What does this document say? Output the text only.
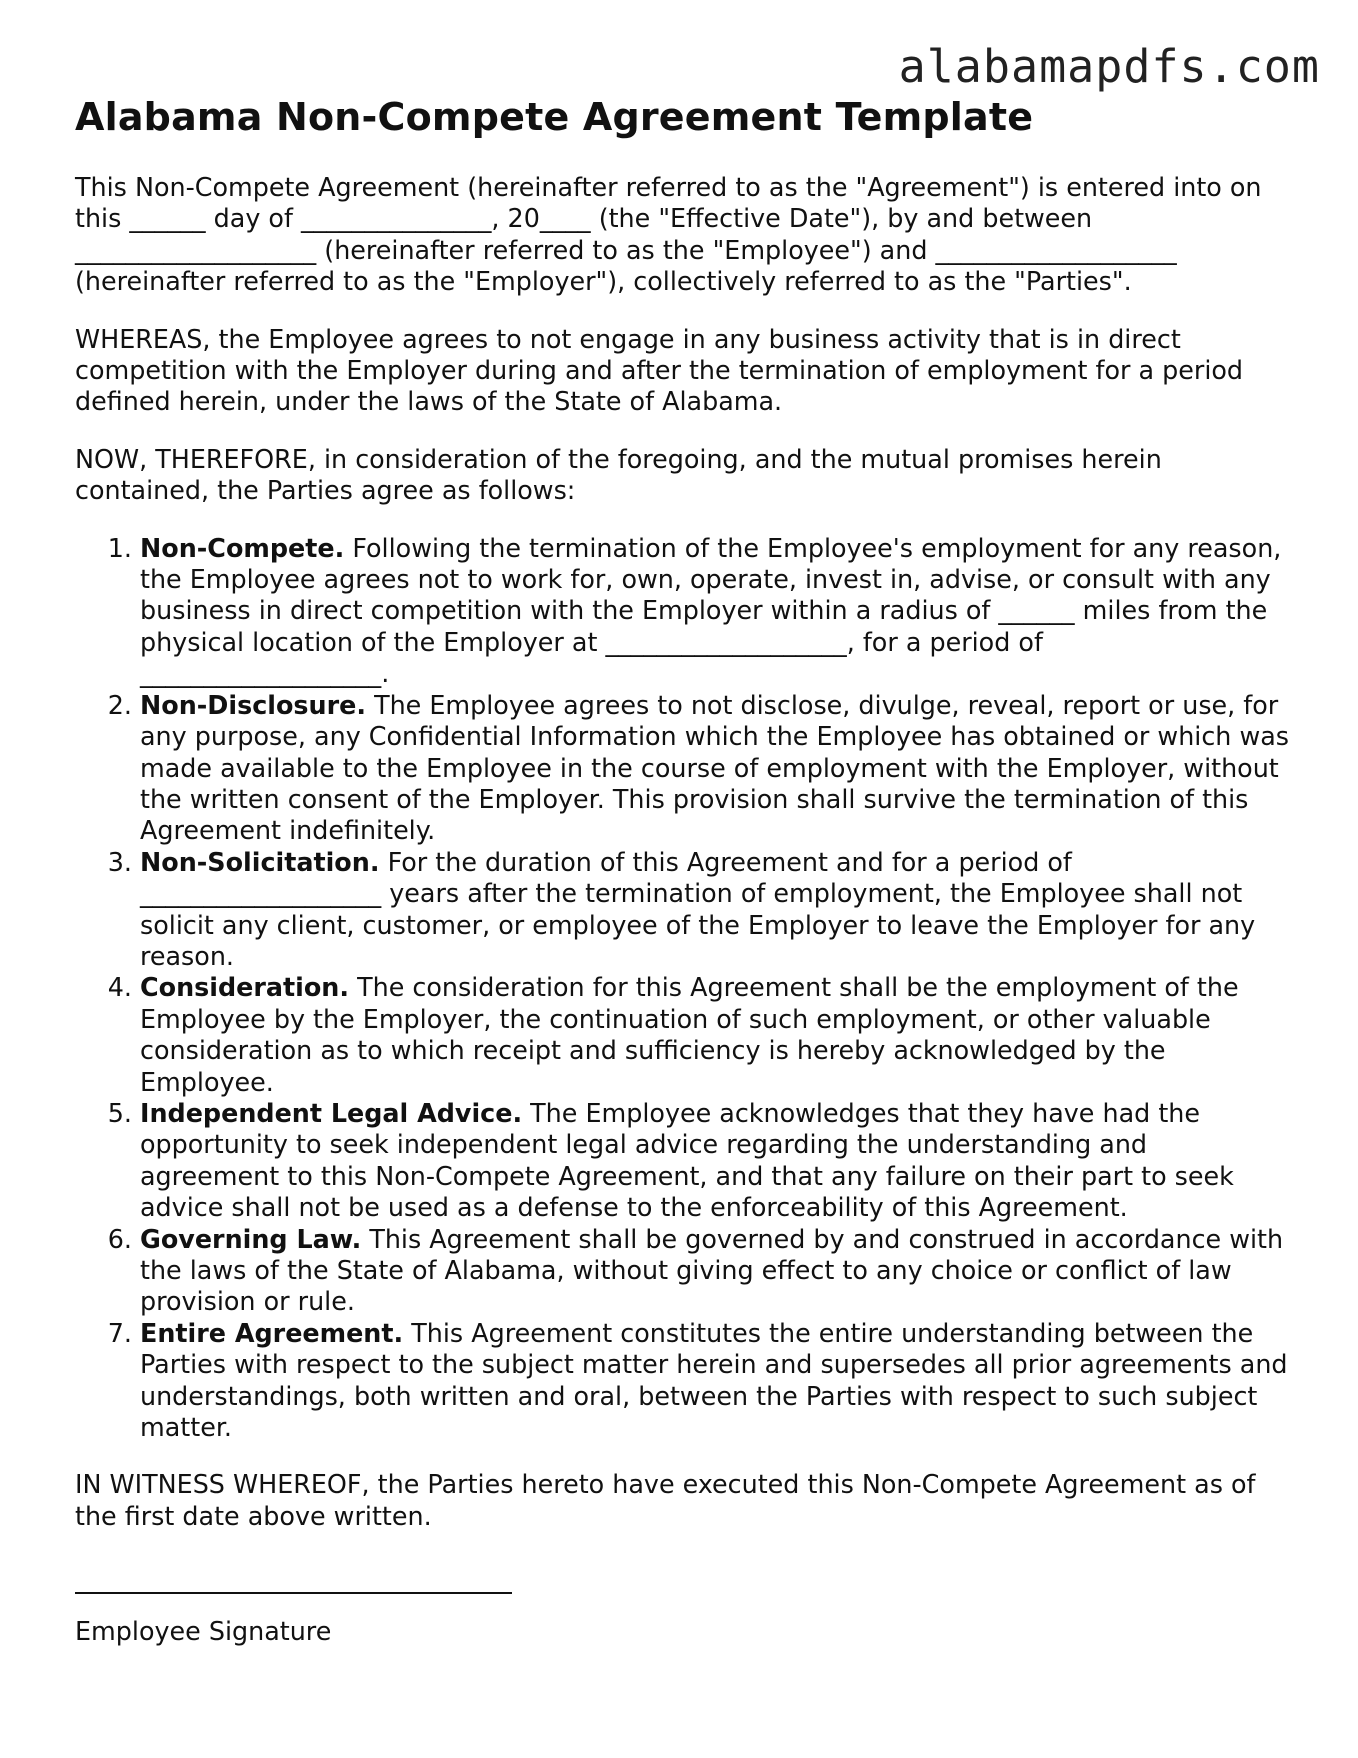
alabamapdfs.com
Alabama Non-Compete Agreement Template

This Non-Compete Agreement (hereinafter referred to as the "Agreement") is entered into on this ______ day of _______________, 20____ (the "Effective Date"), by and between ___________________ (hereinafter referred to as the "Employee") and ___________________ (hereinafter referred to as the "Employer"), collectively referred to as the "Parties".

WHEREAS, the Employee agrees to not engage in any business activity that is in direct competition with the Employer during and after the termination of employment for a period defined herein, under the laws of the State of Alabama.

NOW, THEREFORE, in consideration of the foregoing, and the mutual promises herein contained, the Parties agree as follows:

1. Non-Compete. Following the termination of the Employee's employment for any reason, the Employee agrees not to work for, own, operate, invest in, advise, or consult with any business in direct competition with the Employer within a radius of ______ miles from the physical location of the Employer at ___________________, for a period of ___________________.
2. Non-Disclosure. The Employee agrees to not disclose, divulge, reveal, report or use, for any purpose, any Confidential Information which the Employee has obtained or which was made available to the Employee in the course of employment with the Employer, without the written consent of the Employer. This provision shall survive the termination of this Agreement indefinitely.
3. Non-Solicitation. For the duration of this Agreement and for a period of ___________________ years after the termination of employment, the Employee shall not solicit any client, customer, or employee of the Employer to leave the Employer for any reason.
4. Consideration. The consideration for this Agreement shall be the employment of the Employee by the Employer, the continuation of such employment, or other valuable consideration as to which receipt and sufficiency is hereby acknowledged by the Employee.
5. Independent Legal Advice. The Employee acknowledges that they have had the opportunity to seek independent legal advice regarding the understanding and agreement to this Non-Compete Agreement, and that any failure on their part to seek advice shall not be used as a defense to the enforceability of this Agreement.
6. Governing Law. This Agreement shall be governed by and construed in accordance with the laws of the State of Alabama, without giving effect to any choice or conflict of law provision or rule.
7. Entire Agreement. This Agreement constitutes the entire understanding between the Parties with respect to the subject matter herein and supersedes all prior agreements and understandings, both written and oral, between the Parties with respect to such subject matter.

IN WITNESS WHEREOF, the Parties hereto have executed this Non-Compete Agreement as of the first date above written.

Employee Signature
